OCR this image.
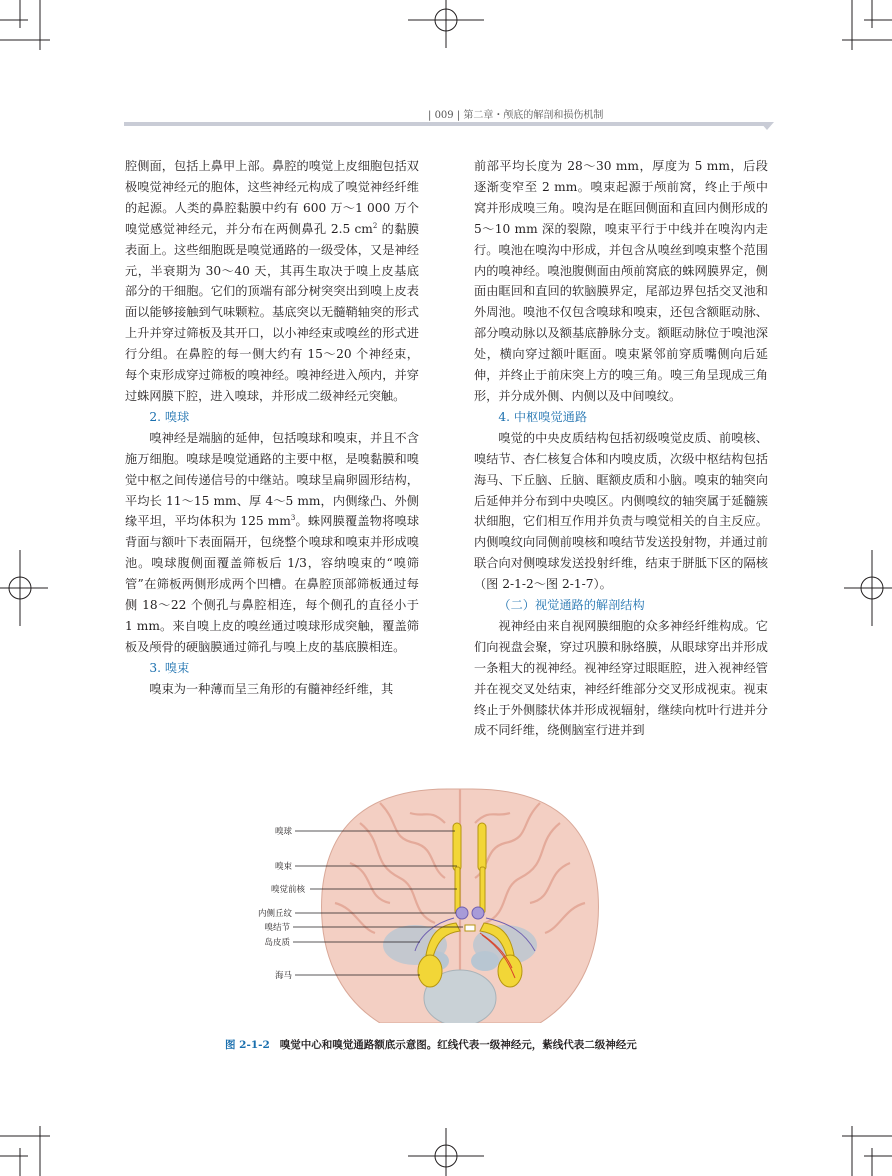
| 009 | 第二章・颅底的解剖和损伤机制

腔侧面，包括上鼻甲上部。鼻腔的嗅觉上皮细胞包括双极嗅觉神经元的胞体，这些神经元构成了嗅觉神经纤维的起源。人类的鼻腔黏膜中约有 600 万～1 000 万个嗅觉感觉神经元，并分布在两侧鼻孔 2.5 $cm^2$ 的黏膜表面上。这些细胞既是嗅觉通路的一级受体，又是神经元，半衰期为 30～40 天，其再生取决于嗅上皮基底部分的干细胞。它们的顶端有部分树突突出到嗅上皮表面以能够接触到气味颗粒。基底突以无髓鞘轴突的形式上升并穿过筛板及其开口，以小神经束或嗅丝的形式进行分组。在鼻腔的每一侧大约有 15～20 个神经束，每个束形成穿过筛板的嗅神经。嗅神经进入颅内，并穿过蛛网膜下腔，进入嗅球，并形成二级神经元突触。

2. 嗅球

嗅神经是端脑的延伸，包括嗅球和嗅束，并且不含施万细胞。嗅球是嗅觉通路的主要中枢，是嗅黏膜和嗅觉中枢之间传递信号的中继站。嗅球呈扁卵圆形结构，平均长 11～15 mm、厚 4～5 mm，内侧缘凸、外侧缘平坦，平均体积为 125 $mm^3$。蛛网膜覆盖物将嗅球背面与额叶下表面隔开，包绕整个嗅球和嗅束并形成嗅池。嗅球腹侧面覆盖筛板后 1/3，容纳嗅束的“嗅筛管”在筛板两侧形成两个凹槽。在鼻腔顶部筛板通过每侧 18～22 个侧孔与鼻腔相连，每个侧孔的直径小于 1 mm。来自嗅上皮的嗅丝通过嗅球形成突触，覆盖筛板及颅骨的硬脑膜通过筛孔与嗅上皮的基底膜相连。

3. 嗅束

嗅束为一种薄而呈三角形的有髓神经纤维，其

前部平均长度为 28～30 mm，厚度为 5 mm，后段逐渐变窄至 2 mm。嗅束起源于颅前窝，终止于颅中窝并形成嗅三角。嗅沟是在眶回侧面和直回内侧形成的 5～10 mm 深的裂隙，嗅束平行于中线并在嗅沟内走行。嗅池在嗅沟中形成，并包含从嗅丝到嗅束整个范围内的嗅神经。嗅池腹侧面由颅前窝底的蛛网膜界定，侧面由眶回和直回的软脑膜界定，尾部边界包括交叉池和外周池。嗅池不仅包含嗅球和嗅束，还包含额眶动脉、部分嗅动脉以及额基底静脉分支。额眶动脉位于嗅池深处，横向穿过额叶眶面。嗅束紧邻前穿质嘴侧向后延伸，并终止于前床突上方的嗅三角。嗅三角呈现成三角形，并分成外侧、内侧以及中间嗅纹。

4. 中枢嗅觉通路

嗅觉的中央皮质结构包括初级嗅觉皮质、前嗅核、嗅结节、杏仁核复合体和内嗅皮质，次级中枢结构包括海马、下丘脑、丘脑、眶额皮质和小脑。嗅束的轴突向后延伸并分布到中央嗅区。内侧嗅纹的轴突属于延髓簇状细胞，它们相互作用并负责与嗅觉相关的自主反应。内侧嗅纹向同侧前嗅核和嗅结节发送投射物，并通过前联合向对侧嗅球发送投射纤维，结束于胼胝下区的隔核（图 2-1-2～图 2-1-7）。

（二）视觉通路的解剖结构

视神经由来自视网膜细胞的众多神经纤维构成。它们向视盘会聚，穿过巩膜和脉络膜，从眼球穿出并形成一条粗大的视神经。视神经穿过眼眶腔，进入视神经管并在视交叉处结束，神经纤维部分交叉形成视束。视束终止于外侧膝状体并形成视辐射，继续向枕叶行进并分成不同纤维，绕侧脑室行进并到

嗅球
嗅束
嗅觉前核
内侧丘纹
嗅结节
岛皮质
海马
图 2-1-2 嗅觉中心和嗅觉通路额底示意图。红线代表一级神经元，紫线代表二级神经元
